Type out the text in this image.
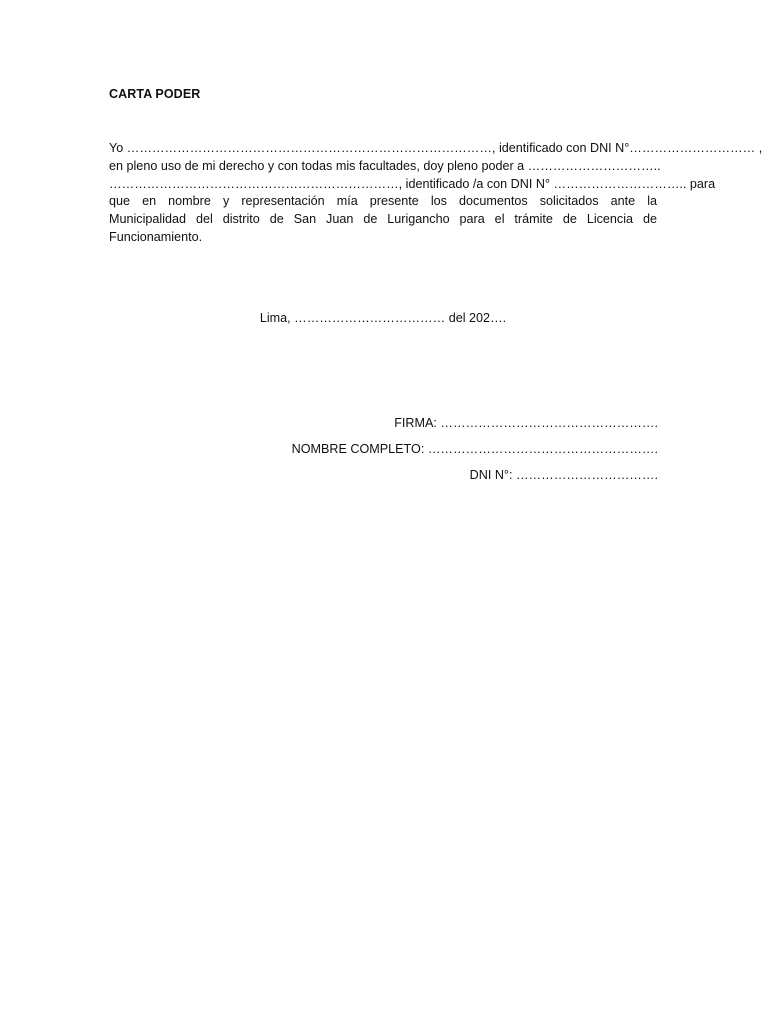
CARTA PODER
Yo ……………………………………………………………………………, identificado con DNI N°………………………… ,
en pleno uso de mi derecho y con todas mis facultades, doy pleno poder a …………………………..
……………………………………………………………, identificado /a con DNI N° ………………………….. para
que en nombre y representación mía presente los documentos solicitados ante la
Municipalidad del distrito de San Juan de Lurigancho para el trámite de Licencia de
Funcionamiento.
Lima, ……………………………… del 202….
FIRMA: …………………………………………….
NOMBRE COMPLETO: ……………………………………………….
DNI N°: …………………………….
